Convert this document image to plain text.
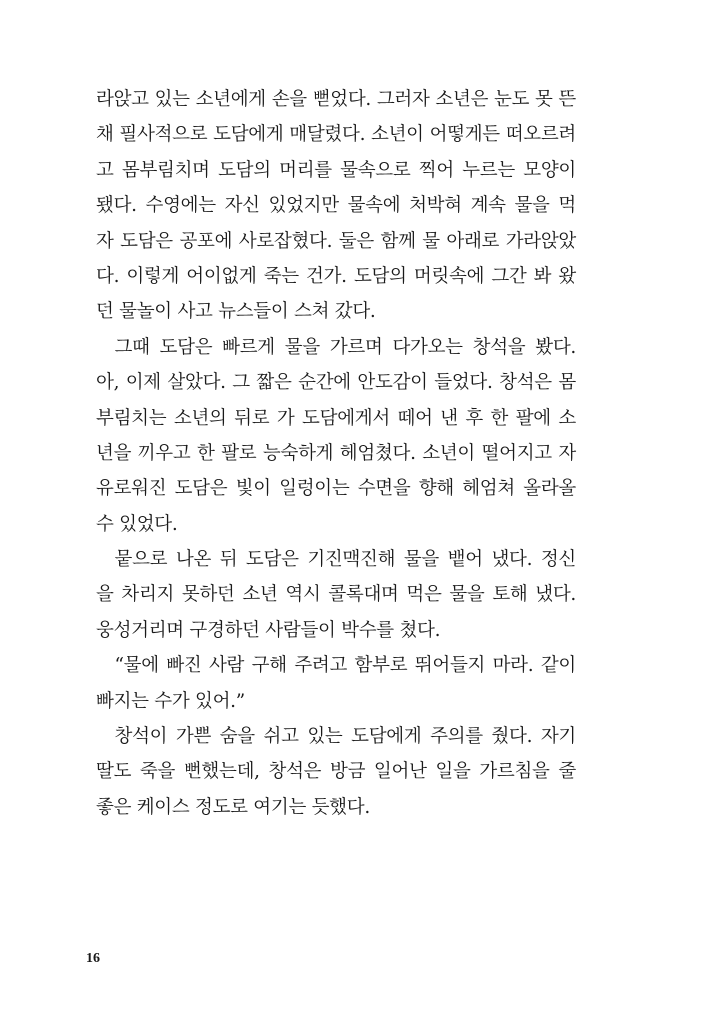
라앉고 있는 소년에게 손을 뻗었다. 그러자 소년은 눈도 못 뜬
채 필사적으로 도담에게 매달렸다. 소년이 어떻게든 떠오르려
고 몸부림치며 도담의 머리를 물속으로 찍어 누르는 모양이
됐다. 수영에는 자신 있었지만 물속에 처박혀 계속 물을 먹
자 도담은 공포에 사로잡혔다. 둘은 함께 물 아래로 가라앉았
다. 이렇게 어이없게 죽는 건가. 도담의 머릿속에 그간 봐 왔
던 물놀이 사고 뉴스들이 스쳐 갔다.
그때 도담은 빠르게 물을 가르며 다가오는 창석을 봤다.
아, 이제 살았다. 그 짧은 순간에 안도감이 들었다. 창석은 몸
부림치는 소년의 뒤로 가 도담에게서 떼어 낸 후 한 팔에 소
년을 끼우고 한 팔로 능숙하게 헤엄쳤다. 소년이 떨어지고 자
유로워진 도담은 빛이 일렁이는 수면을 향해 헤엄쳐 올라올
수 있었다.
뭍으로 나온 뒤 도담은 기진맥진해 물을 뱉어 냈다. 정신
을 차리지 못하던 소년 역시 콜록대며 먹은 물을 토해 냈다.
웅성거리며 구경하던 사람들이 박수를 쳤다.
“물에 빠진 사람 구해 주려고 함부로 뛰어들지 마라. 같이
빠지는 수가 있어.”
창석이 가쁜 숨을 쉬고 있는 도담에게 주의를 줬다. 자기
딸도 죽을 뻔했는데, 창석은 방금 일어난 일을 가르침을 줄
좋은 케이스 정도로 여기는 듯했다.
16
